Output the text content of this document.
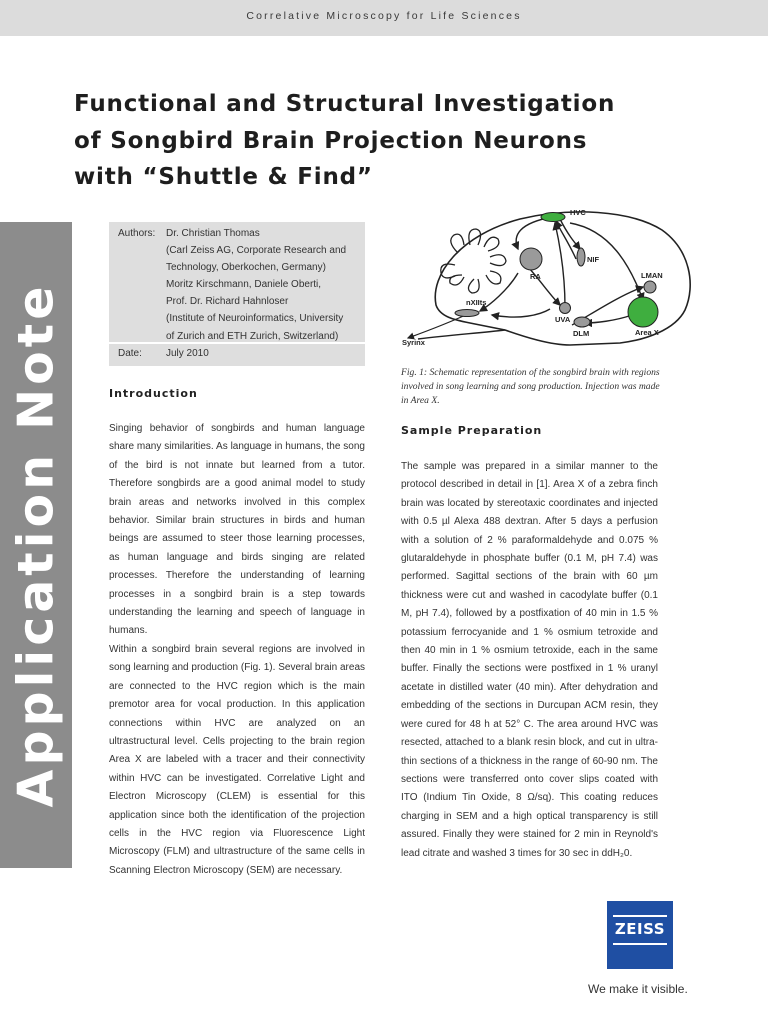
Correlative Microscopy for Life Sciences
Functional and Structural Investigation
of Songbird Brain Projection Neurons
with “Shuttle & Find”
Application Note
Authors: Dr. Christian Thomas
(Carl Zeiss AG, Corporate Research and
Technology, Oberkochen, Germany)
Moritz Kirschmann, Daniele Oberti,
Prof. Dr. Richard Hahnloser
(Institute of Neuroinformatics, University
of Zurich and ETH Zurich, Switzerland)
Date: July 2010
Introduction

Singing behavior of songbirds and human language share many similarities. As language in humans, the song of the bird is not innate but learned from a tutor. Therefore songbirds are a good animal model to study brain areas and networks involved in this complex behavior. Similar brain structures in birds and human beings are assumed to steer those learning processes, as human language and birds singing are related processes. Therefore the understanding of learning processes in a songbird brain is a step towards understanding the learning and speech of language in humans.

Within a songbird brain several regions are involved in song learning and production (Fig. 1). Several brain areas are connected to the HVC region which is the main premotor area for vocal production. In this application connections within HVC are analyzed on an ultrastructural level. Cells projecting to the brain region Area X are labeled with a tracer and their connectivity within HVC can be investigated. Correlative Light and Electron Microscopy (CLEM) is essential for this application since both the identification of the projection cells in the HVC region via Fluorescence Light Microscopy (FLM) and ultrastructure of the same cells in Scanning Electron Microscopy (SEM) are necessary.

HVC
NIF
RA	LMAN
nXIIts
UVA
DLM	Area X
Syrinx
Fig. 1: Schematic representation of the songbird brain with regions involved in song learning and song production. Injection was made in Area X.
Sample Preparation

The sample was prepared in a similar manner to the protocol described in detail in [1]. Area X of a zebra finch brain was located by stereotaxic coordinates and injected with 0.5 µl Alexa 488 dextran. After 5 days a perfusion with a solution of 2 % paraformaldehyde and 0.075 % glutaraldehyde in phosphate buffer (0.1 M, pH 7.4) was performed. Sagittal sections of the brain with 60 µm thickness were cut and washed in cacodylate buffer (0.1 M, pH 7.4), followed by a postfixation of 40 min in 1.5 % potassium ferrocyanide and 1 % osmium tetroxide and then 40 min in 1 % osmium tetroxide, each in the same buffer. Finally the sections were postfixed in 1 % uranyl acetate in distilled water (40 min). After dehydration and embedding of the sections in Durcupan ACM resin, they were cured for 48 h at 52° C. The area around HVC was resected, attached to a blank resin block, and cut in ultra-thin sections of a thickness in the range of 60-90 nm. The sections were transferred onto cover slips coated with ITO (Indium Tin Oxide, 8 Ω/sq). This coating reduces charging in SEM and a high optical transparency is still assured. Finally they were stained for 2 min in Reynold's lead citrate and washed 3 times for 30 sec in ddH₂0.

ZEISS
We make it visible.
